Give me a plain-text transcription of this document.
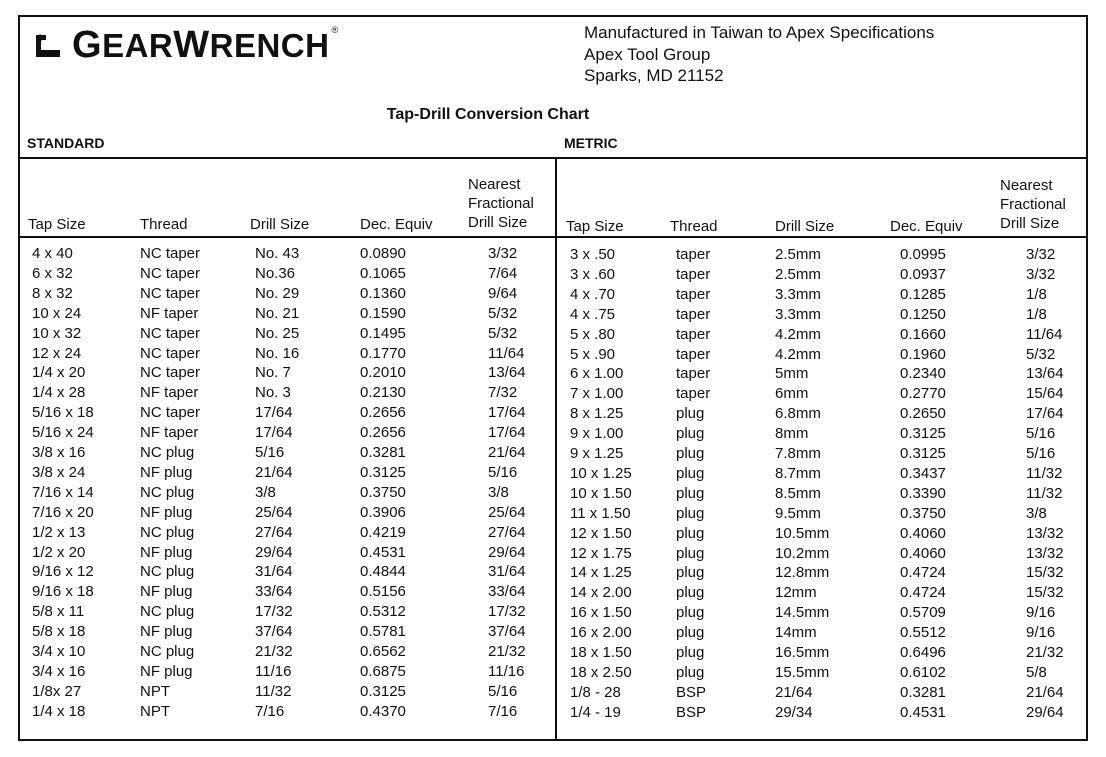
GEARWRENCH ®	Manufactured in Taiwan to Apex Specifications
Apex Tool Group
Sparks, MD 21152
Tap-Drill Conversion Chart
STANDARD	METRIC
Tap Size	Thread	Drill Size	Dec. Equiv
Nearest
Fractional
Drill Size
4 x 40	NC taper	No. 43	0.0890	3/32
6 x 32	NC taper	No.36	0.1065	7/64
8 x 32	NC taper	No. 29	0.1360	9/64
10 x 24	NF taper	No. 21	0.1590	5/32
10 x 32	NC taper	No. 25	0.1495	5/32
12 x 24	NC taper	No. 16	0.1770	11/64
1/4 x 20	NC taper	No. 7	0.2010	13/64
1/4 x 28	NF taper	No. 3	0.2130	7/32
5/16 x 18	NC taper	17/64	0.2656	17/64
5/16 x 24	NF taper	17/64	0.2656	17/64
3/8 x 16	NC plug	5/16	0.3281	21/64
3/8 x 24	NF plug	21/64	0.3125	5/16
7/16 x 14	NC plug	3/8	0.3750	3/8
7/16 x 20	NF plug	25/64	0.3906	25/64
1/2 x 13	NC plug	27/64	0.4219	27/64
1/2 x 20	NF plug	29/64	0.4531	29/64
9/16 x 12	NC plug	31/64	0.4844	31/64
9/16 x 18	NF plug	33/64	0.5156	33/64
5/8 x 11	NC plug	17/32	0.5312	17/32
5/8 x 18	NF plug	37/64	0.5781	37/64
3/4 x 10	NC plug	21/32	0.6562	21/32
3/4 x 16	NF plug	11/16	0.6875	11/16
1/8x 27	NPT	11/32	0.3125	5/16
1/4 x 18	NPT	7/16	0.4370	7/16
Tap Size	Thread	Drill Size	Dec. Equiv
Nearest
Fractional
Drill Size
3 x .50	taper	2.5mm	0.0995	3/32
3 x .60	taper	2.5mm	0.0937	3/32
4 x .70	taper	3.3mm	0.1285	1/8
4 x .75	taper	3.3mm	0.1250	1/8
5 x .80	taper	4.2mm	0.1660	11/64
5 x .90	taper	4.2mm	0.1960	5/32
6 x 1.00	taper	5mm	0.2340	13/64
7 x 1.00	taper	6mm	0.2770	15/64
8 x 1.25	plug	6.8mm	0.2650	17/64
9 x 1.00	plug	8mm	0.3125	5/16
9 x 1.25	plug	7.8mm	0.3125	5/16
10 x 1.25	plug	8.7mm	0.3437	11/32
10 x 1.50	plug	8.5mm	0.3390	11/32
11 x 1.50	plug	9.5mm	0.3750	3/8
12 x 1.50	plug	10.5mm	0.4060	13/32
12 x 1.75	plug	10.2mm	0.4060	13/32
14 x 1.25	plug	12.8mm	0.4724	15/32
14 x 2.00	plug	12mm	0.4724	15/32
16 x 1.50	plug	14.5mm	0.5709	9/16
16 x 2.00	plug	14mm	0.5512	9/16
18 x 1.50	plug	16.5mm	0.6496	21/32
18 x 2.50	plug	15.5mm	0.6102	5/8
1/8 - 28	BSP	21/64	0.3281	21/64
1/4 - 19	BSP	29/34	0.4531	29/64
